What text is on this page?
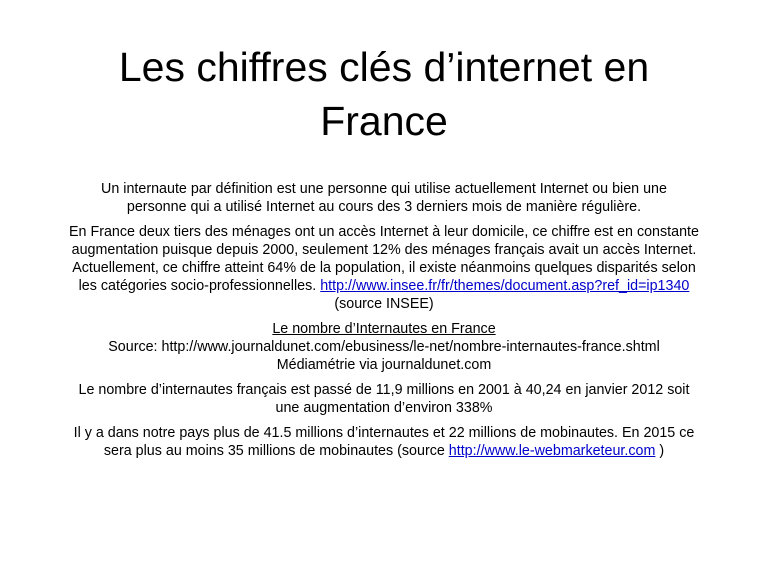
Les chiffres clés d’internet en
France
Un internaute par définition est une personne qui utilise actuellement Internet ou bien une
personne qui a utilisé Internet au cours des 3 derniers mois de manière régulière.
En France deux tiers des ménages ont un accès Internet à leur domicile, ce chiffre est en constante
augmentation puisque depuis 2000, seulement 12% des ménages français avait un accès Internet.
Actuellement, ce chiffre atteint 64% de la population, il existe néanmoins quelques disparités selon
les catégories socio-professionnelles. http://www.insee.fr/fr/themes/document.asp?ref_id=ip1340
(source INSEE)
Le nombre d’Internautes en France
Source: http://www.journaldunet.com/ebusiness/le-net/nombre-internautes-france.shtml
Médiamétrie via journaldunet.com
Le nombre d’internautes français est passé de 11,9 millions en 2001 à 40,24 en janvier 2012 soit
une augmentation d’environ 338%
Il y a dans notre pays plus de 41.5 millions d’internautes et 22 millions de mobinautes. En 2015 ce
sera plus au moins 35 millions de mobinautes (source http://www.le-webmarketeur.com )
